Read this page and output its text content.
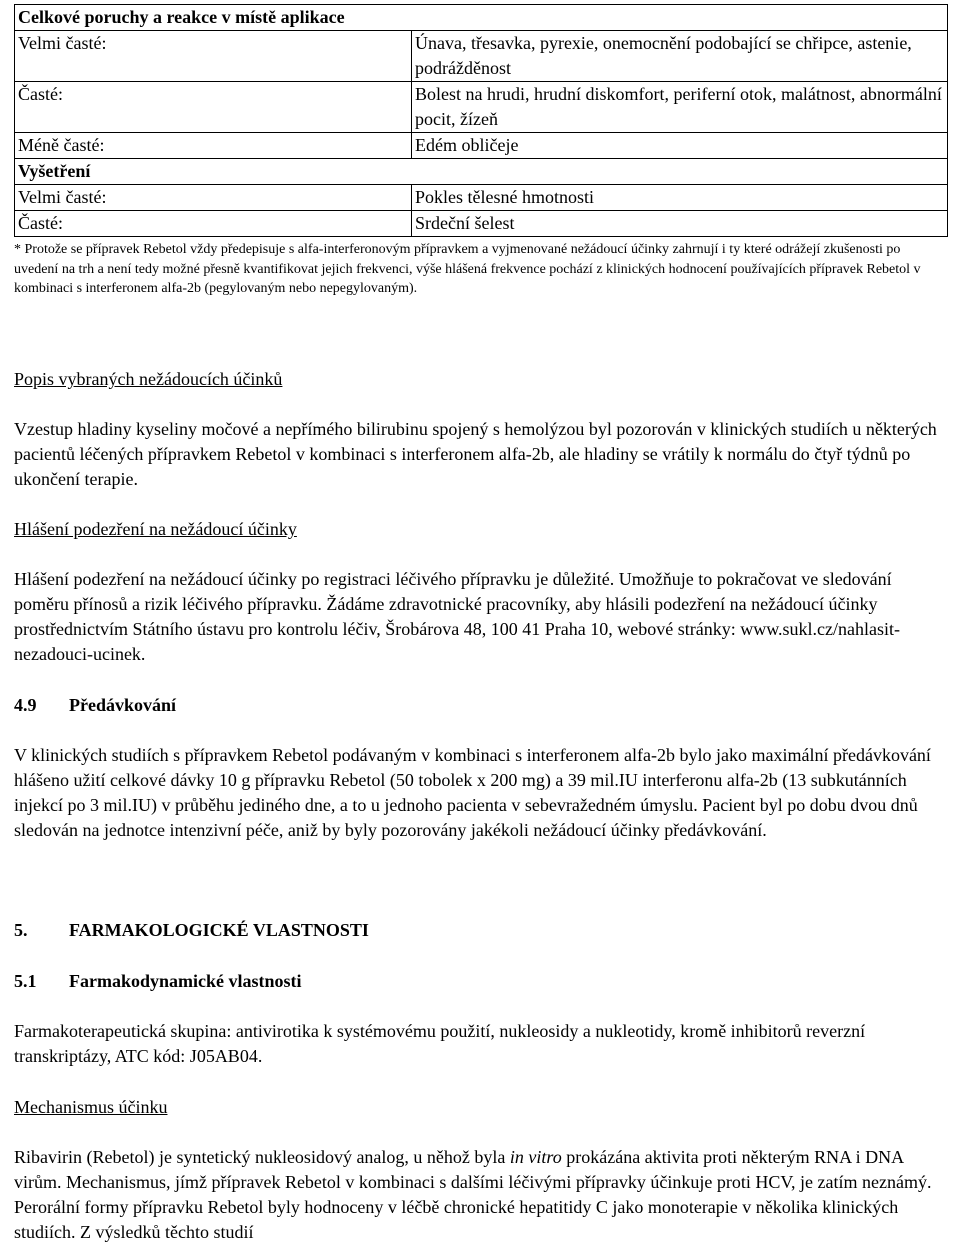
Celkové poruchy a reakce v místě aplikace	
Velmi časté:	Únava, třesavka, pyrexie, onemocnění podobající se chřipce, astenie, podrážděnost
Časté:	Bolest na hrudi, hrudní diskomfort, periferní otok, malátnost, abnormální pocit, žízeň
Méně časté:	Edém obličeje
Vyšetření	
Velmi časté:	Pokles tělesné hmotnosti
Časté:	Srdeční šelest

* Protože se přípravek Rebetol vždy předepisuje s alfa-interferonovým přípravkem a vyjmenované nežádoucí účinky zahrnují i ty které odrážejí zkušenosti po uvedení na trh a není tedy možné přesně kvantifikovat jejich frekvenci, výše hlášená frekvence pochází z klinických hodnocení používajících přípravek Rebetol v kombinaci s interferonem alfa-2b (pegylovaným nebo nepegylovaným).

Popis vybraných nežádoucích účinků

Vzestup hladiny kyseliny močové a nepřímého bilirubinu spojený s hemolýzou byl pozorován v klinických studiích u některých pacientů léčených přípravkem Rebetol v kombinaci s interferonem alfa-2b, ale hladiny se vrátily k normálu do čtyř týdnů po ukončení terapie.

Hlášení podezření na nežádoucí účinky

Hlášení podezření na nežádoucí účinky po registraci léčivého přípravku je důležité. Umožňuje to pokračovat ve sledování poměru přínosů a rizik léčivého přípravku. Žádáme zdravotnické pracovníky, aby hlásili podezření na nežádoucí účinky prostřednictvím Státního ústavu pro kontrolu léčiv, Šrobárova 48, 100 41 Praha 10, webové stránky: www.sukl.cz/nahlasit-nezadouci-ucinek.

4.9 Předávkování

V klinických studiích s přípravkem Rebetol podávaným v kombinaci s interferonem alfa-2b bylo jako maximální předávkování hlášeno užití celkové dávky 10 g přípravku Rebetol (50 tobolek x 200 mg) a 39 mil.IU interferonu alfa-2b (13 subkutánních injekcí po 3 mil.IU) v průběhu jediného dne, a to u jednoho pacienta v sebevražedném úmyslu. Pacient byl po dobu dvou dnů sledován na jednotce intenzivní péče, aniž by byly pozorovány jakékoli nežádoucí účinky předávkování.

5. FARMAKOLOGICKÉ VLASTNOSTI
5.1 Farmakodynamické vlastnosti

Farmakoterapeutická skupina: antivirotika k systémovému použití, nukleosidy a nukleotidy, kromě inhibitorů reverzní transkriptázy, ATC kód: J05AB04.

Mechanismus účinku

Ribavirin (Rebetol) je syntetický nukleosidový analog, u něhož byla in vitro prokázána aktivita proti některým RNA i DNA virům. Mechanismus, jímž přípravek Rebetol v kombinaci s dalšími léčivými přípravky účinkuje proti HCV, je zatím neznámý. Perorální formy přípravku Rebetol byly hodnoceny v léčbě chronické hepatitidy C jako monoterapie v několika klinických studiích. Z výsledků těchto studií
